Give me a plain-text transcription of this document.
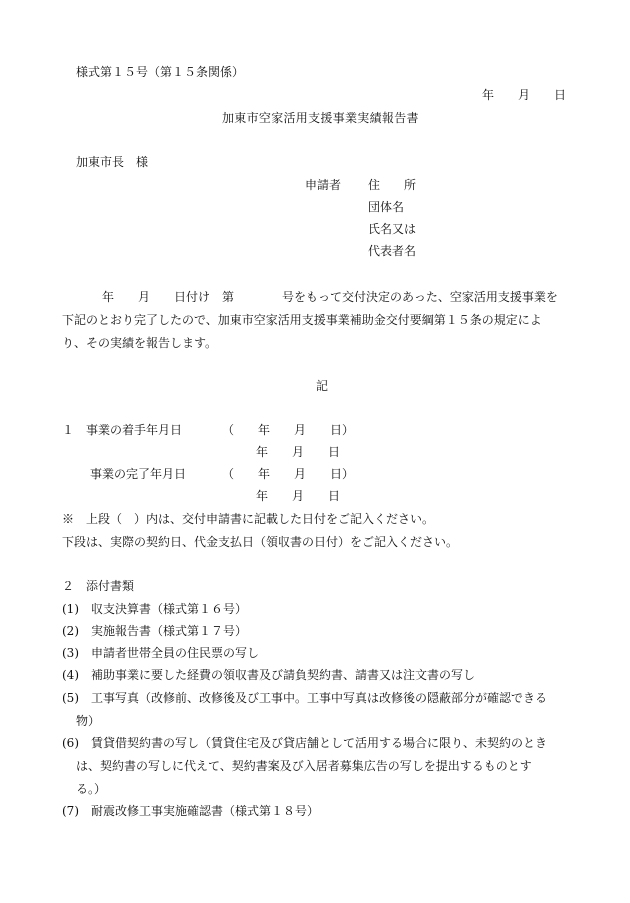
様式第１５号（第１５条関係）
年　　月　　日
加東市空家活用支援事業実績報告書
加東市長　様
申請者 住　　所
団体名
氏名又は
代表者名
　　年　　月　　日付け　第　　　　号をもって交付決定のあった、空家活用支援事業を
下記のとおり完了したので、加東市空家活用支援事業補助金交付要綱第１５条の規定によ
り、その実績を報告します。
記
１　事業の着手年月日	（　　年　　月　　日）
年　　月　　日
事業の完了年月日	（　　年　　月　　日）
年　　月　　日
※　上段（　）内は、交付申請書に記載した日付をご記入ください。
下段は、実際の契約日、代金支払日（領収書の日付）をご記入ください。
２　添付書類
(1)　収支決算書（様式第１６号）
(2)　実施報告書（様式第１７号）
(3)　申請者世帯全員の住民票の写し
(4)　補助事業に要した経費の領収書及び請負契約書、請書又は注文書の写し
(5)　工事写真（改修前、改修後及び工事中。工事中写真は改修後の隠蔽部分が確認できる
物）
(6)　賃貸借契約書の写し（賃貸住宅及び貸店舗として活用する場合に限り、未契約のとき
は、契約書の写しに代えて、契約書案及び入居者募集広告の写しを提出するものとす
る。）
(7)　耐震改修工事実施確認書（様式第１８号）
